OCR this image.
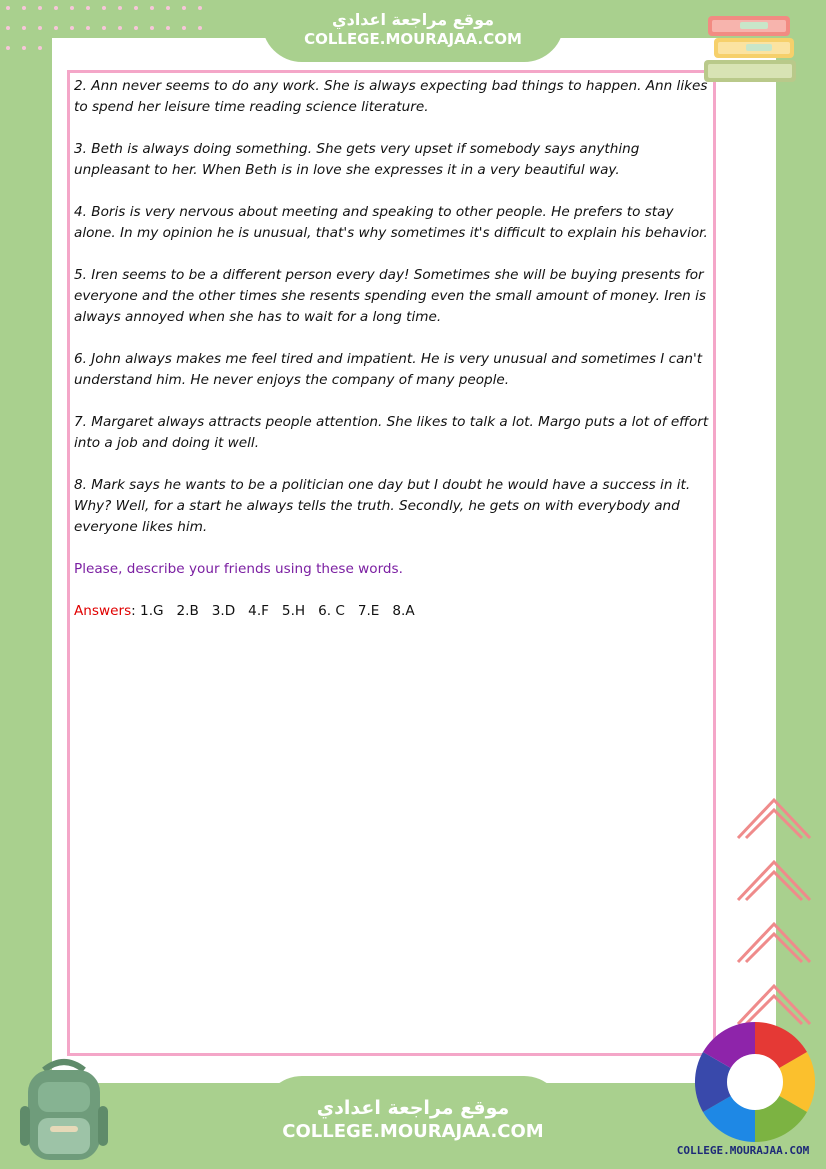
موقع مراجعة اعدادي
COLLEGE.MOURAJAA.COM

2. Ann never seems to do any work. She is always expecting bad things to happen. Ann likes to spend her leisure time reading science literature.

3. Beth is always doing something. She gets very upset if somebody says anything unpleasant to her. When Beth is in love she expresses it in a very beautiful way.

4. Boris is very nervous about meeting and speaking to other people. He prefers to stay alone. In my opinion he is unusual, that's why sometimes it's difficult to explain his behavior.

5. Iren seems to be a different person every day! Sometimes she will be buying presents for everyone and the other times she resents spending even the small amount of money. Iren is always annoyed when she has to wait for a long time.

6. John always makes me feel tired and impatient. He is very unusual and sometimes I can't understand him. He never enjoys the company of many people.

7. Margaret always attracts people attention. She likes to talk a lot. Margo puts a lot of effort into a job and doing it well.

8. Mark says he wants to be a politician one day but I doubt he would have a success in it. Why? Well, for a start he always tells the truth. Secondly, he gets on with everybody and everyone likes him.

Please, describe your friends using these words.

Answers: 1.G   2.B   3.D   4.F   5.H   6. C   7.E   8.A

موقع مراجعة اعدادي
COLLEGE.MOURAJAA.COM
COLLEGE.MOURAJAA.COM
